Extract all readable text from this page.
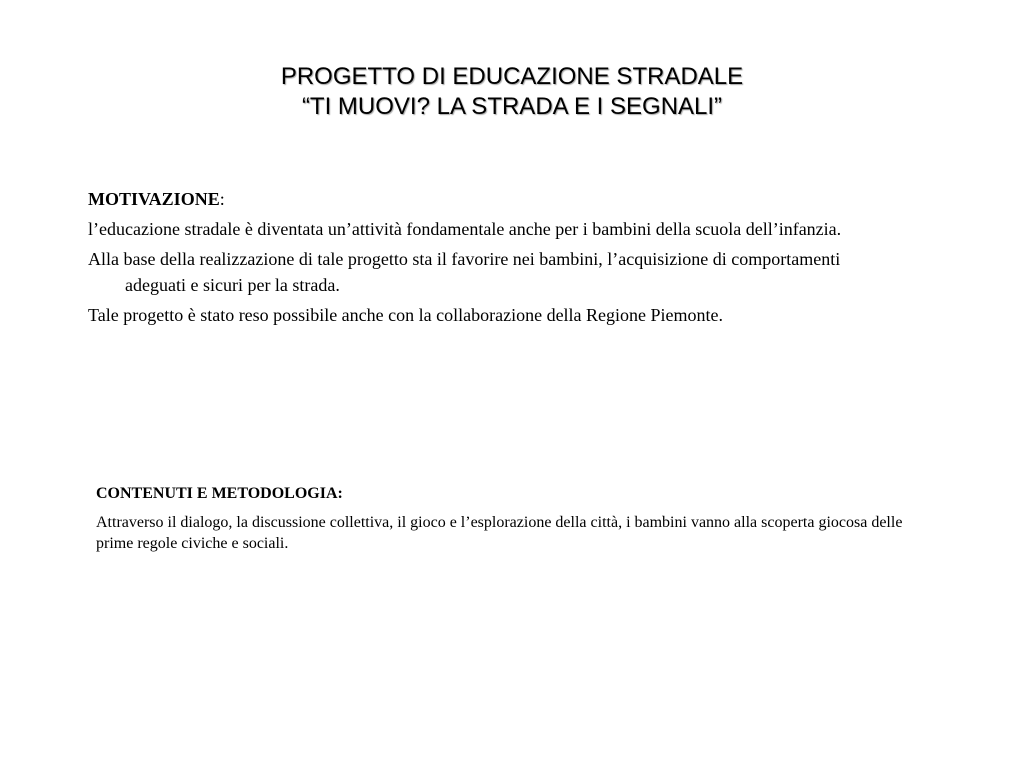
PROGETTO DI EDUCAZIONE STRADALE
“TI MUOVI? LA STRADA E I SEGNALI”

MOTIVAZIONE:

l’educazione stradale è diventata un’attività fondamentale anche per i bambini della scuola dell’infanzia.

Alla base della realizzazione di tale progetto sta il favorire nei bambini, l’acquisizione di comportamenti adeguati e sicuri per la strada.

Tale progetto è stato reso possibile anche con la collaborazione della Regione Piemonte.

CONTENUTI E METODOLOGIA:

Attraverso il dialogo, la discussione collettiva, il gioco e l’esplorazione della città, i bambini vanno alla scoperta giocosa delle prime regole civiche e sociali.
